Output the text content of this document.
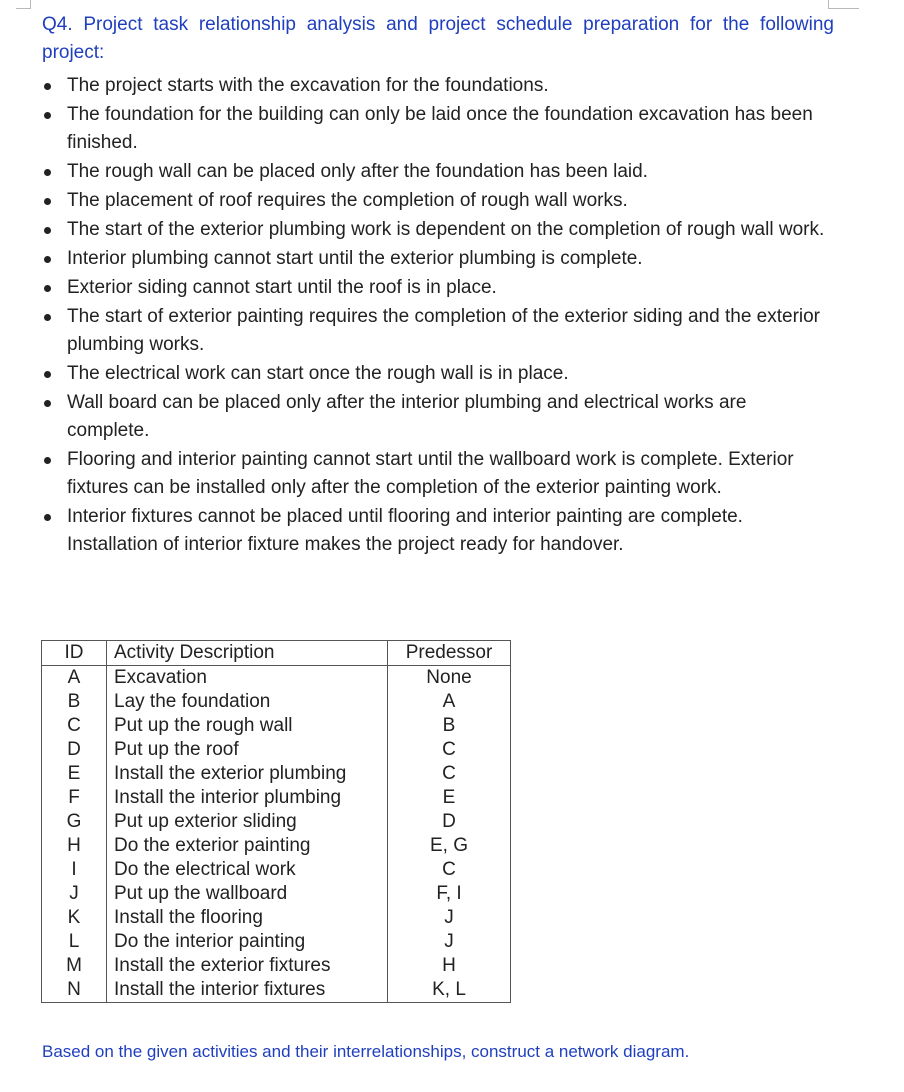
Q4. Project task relationship analysis and project schedule preparation for the following project:

The project starts with the excavation for the foundations.
The foundation for the building can only be laid once the foundation excavation has been finished.
The rough wall can be placed only after the foundation has been laid.
The placement of roof requires the completion of rough wall works.
The start of the exterior plumbing work is dependent on the completion of rough wall work.
Interior plumbing cannot start until the exterior plumbing is complete.
Exterior siding cannot start until the roof is in place.
The start of exterior painting requires the completion of the exterior siding and the exterior plumbing works.
The electrical work can start once the rough wall is in place.
Wall board can be placed only after the interior plumbing and electrical works are complete.
Flooring and interior painting cannot start until the wallboard work is complete. Exterior fixtures can be installed only after the completion of the exterior painting work.
Interior fixtures cannot be placed until flooring and interior painting are complete. Installation of interior fixture makes the project ready for handover.
ID	Activity Description	Predessor
A	Excavation	None
B	Lay the foundation	A
C	Put up the rough wall	B
D	Put up the roof	C
E	Install the exterior plumbing	C
F	Install the interior plumbing	E
G	Put up exterior sliding	D
H	Do the exterior painting	E, G
I	Do the electrical work	C
J	Put up the wallboard	F, I
K	Install the flooring	J
L	Do the interior painting	J
M	Install the exterior fixtures	H
N	Install the interior fixtures	K, L

Based on the given activities and their interrelationships, construct a network diagram.
